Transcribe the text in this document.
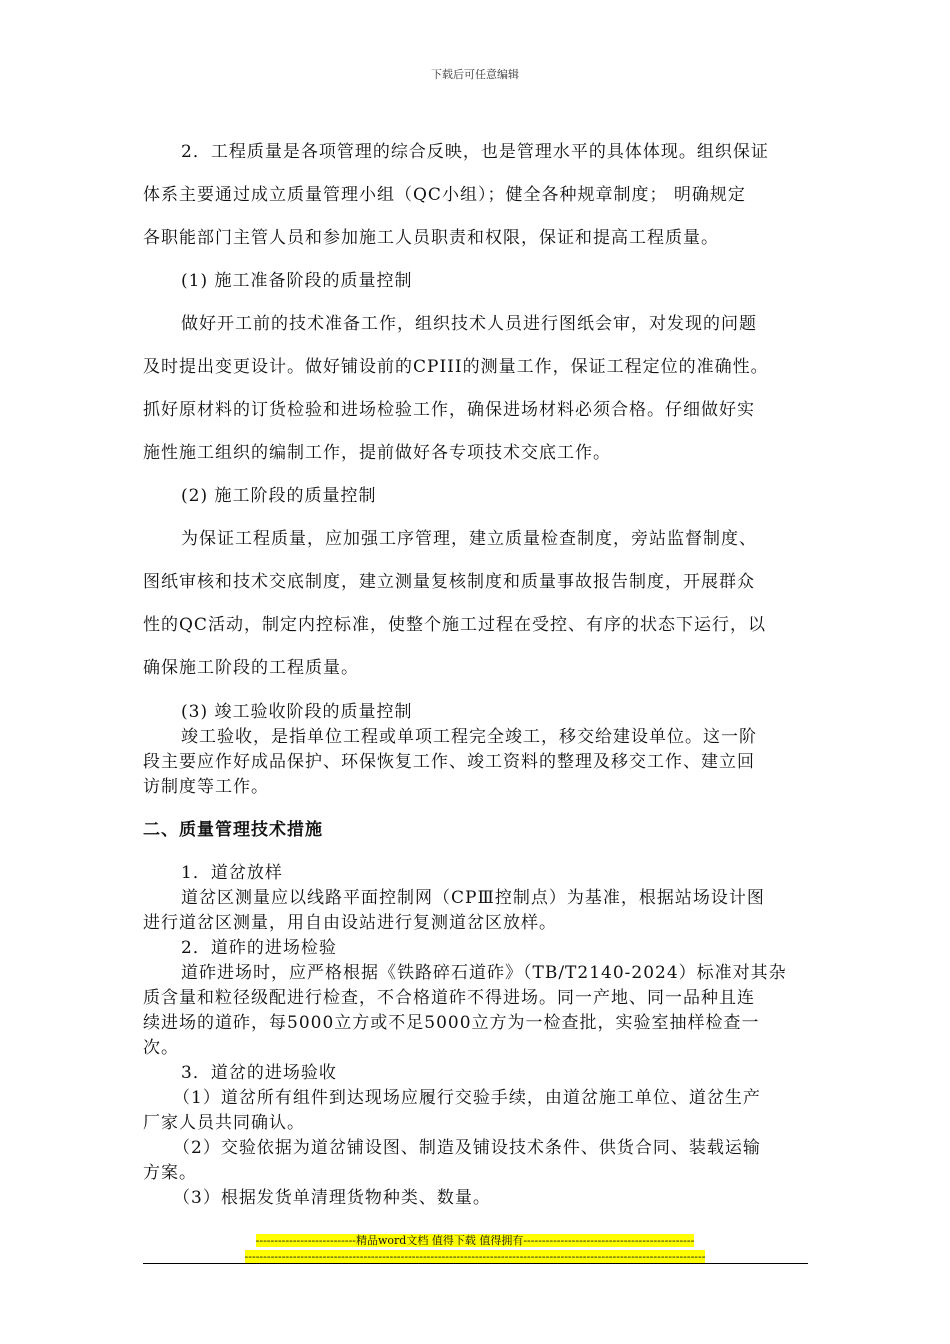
下载后可任意编辑

2．工程质量是各项管理的综合反映，也是管理水平的具体体现。组织保证
体系主要通过成立质量管理小组（QC小组）；健全各种规章制度； 明确规定
各职能部门主管人员和参加施工人员职责和权限，保证和提高工程质量。

(1) 施工准备阶段的质量控制

做好开工前的技术准备工作，组织技术人员进行图纸会审，对发现的问题
及时提出变更设计。做好铺设前的CPIII的测量工作，保证工程定位的准确性。
抓好原材料的订货检验和进场检验工作，确保进场材料必须合格。仔细做好实
施性施工组织的编制工作，提前做好各专项技术交底工作。

(2) 施工阶段的质量控制

为保证工程质量，应加强工序管理，建立质量检查制度，旁站监督制度、
图纸审核和技术交底制度，建立测量复核制度和质量事故报告制度，开展群众
性的QC活动，制定内控标准，使整个施工过程在受控、有序的状态下运行，以
确保施工阶段的工程质量。

(3) 竣工验收阶段的质量控制

竣工验收，是指单位工程或单项工程完全竣工，移交给建设单位。这一阶
段主要应作好成品保护、环保恢复工作、竣工资料的整理及移交工作、建立回
访制度等工作。

二、质量管理技术措施

1．道岔放样

道岔区测量应以线路平面控制网（CPⅢ控制点）为基准，根据站场设计图
进行道岔区测量，用自由设站进行复测道岔区放样。

2．道砟的进场检验

道砟进场时，应严格根据《铁路碎石道砟》（TB/T2140-2024）标准对其杂
质含量和粒径级配进行检查，不合格道砟不得进场。同一产地、同一品种且连
续进场的道砟，每5000立方或不足5000立方为一检查批，实验室抽样检查一
次。

3．道岔的进场验收

（1）道岔所有组件到达现场应履行交验手续，由道岔施工单位、道岔生产
厂家人员共同确认。

（2）交验依据为道岔铺设图、制造及铺设技术条件、供货合同、装载运输
方案。

（3）根据发货单清理货物种类、数量。

---------------------------精品word文档 值得下载 值得拥有----------------------------------------------
----------------------------------------------------------------------------------------------------------------------------
